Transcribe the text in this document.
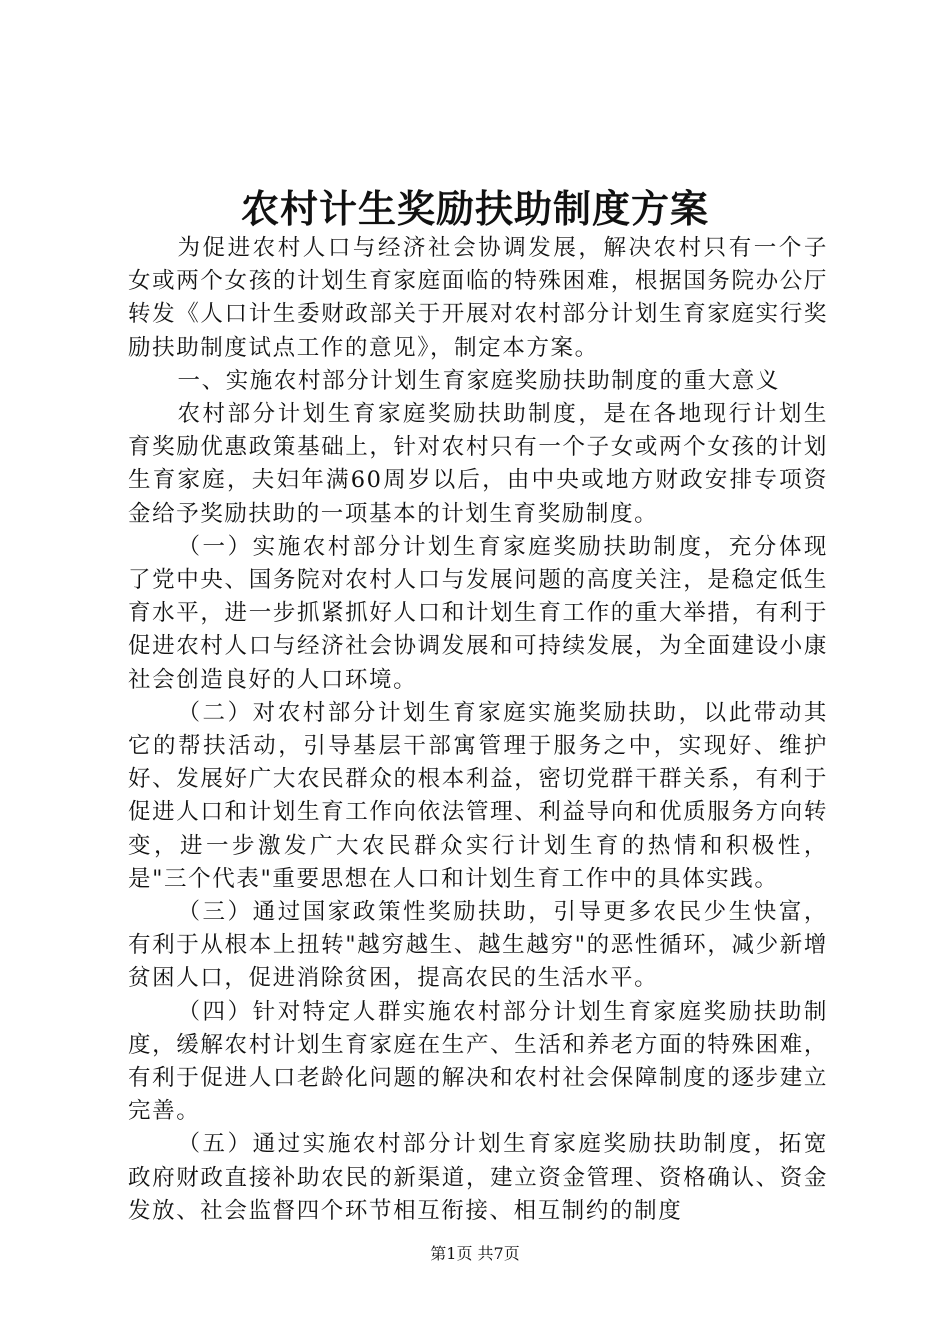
农村计生奖励扶助制度方案

为促进农村人口与经济社会协调发展，解决农村只有一个子女或两个女孩的计划生育家庭面临的特殊困难，根据国务院办公厅转发《人口计生委财政部关于开展对农村部分计划生育家庭实行奖励扶助制度试点工作的意见》，制定本方案。

一、实施农村部分计划生育家庭奖励扶助制度的重大意义

农村部分计划生育家庭奖励扶助制度，是在各地现行计划生育奖励优惠政策基础上，针对农村只有一个子女或两个女孩的计划生育家庭，夫妇年满60周岁以后，由中央或地方财政安排专项资金给予奖励扶助的一项基本的计划生育奖励制度。

（一）实施农村部分计划生育家庭奖励扶助制度，充分体现了党中央、国务院对农村人口与发展问题的高度关注，是稳定低生育水平，进一步抓紧抓好人口和计划生育工作的重大举措，有利于促进农村人口与经济社会协调发展和可持续发展，为全面建设小康社会创造良好的人口环境。

（二）对农村部分计划生育家庭实施奖励扶助，以此带动其它的帮扶活动，引导基层干部寓管理于服务之中，实现好、维护好、发展好广大农民群众的根本利益，密切党群干群关系，有利于促进人口和计划生育工作向依法管理、利益导向和优质服务方向转变，进一步激发广大农民群众实行计划生育的热情和积极性，是"三个代表"重要思想在人口和计划生育工作中的具体实践。

（三）通过国家政策性奖励扶助，引导更多农民少生快富，有利于从根本上扭转"越穷越生、越生越穷"的恶性循环，减少新增贫困人口，促进消除贫困，提高农民的生活水平。

（四）针对特定人群实施农村部分计划生育家庭奖励扶助制度，缓解农村计划生育家庭在生产、生活和养老方面的特殊困难，有利于促进人口老龄化问题的解决和农村社会保障制度的逐步建立完善。

（五）通过实施农村部分计划生育家庭奖励扶助制度，拓宽政府财政直接补助农民的新渠道，建立资金管理、资格确认、资金发放、社会监督四个环节相互衔接、相互制约的制度

第1页 共7页
